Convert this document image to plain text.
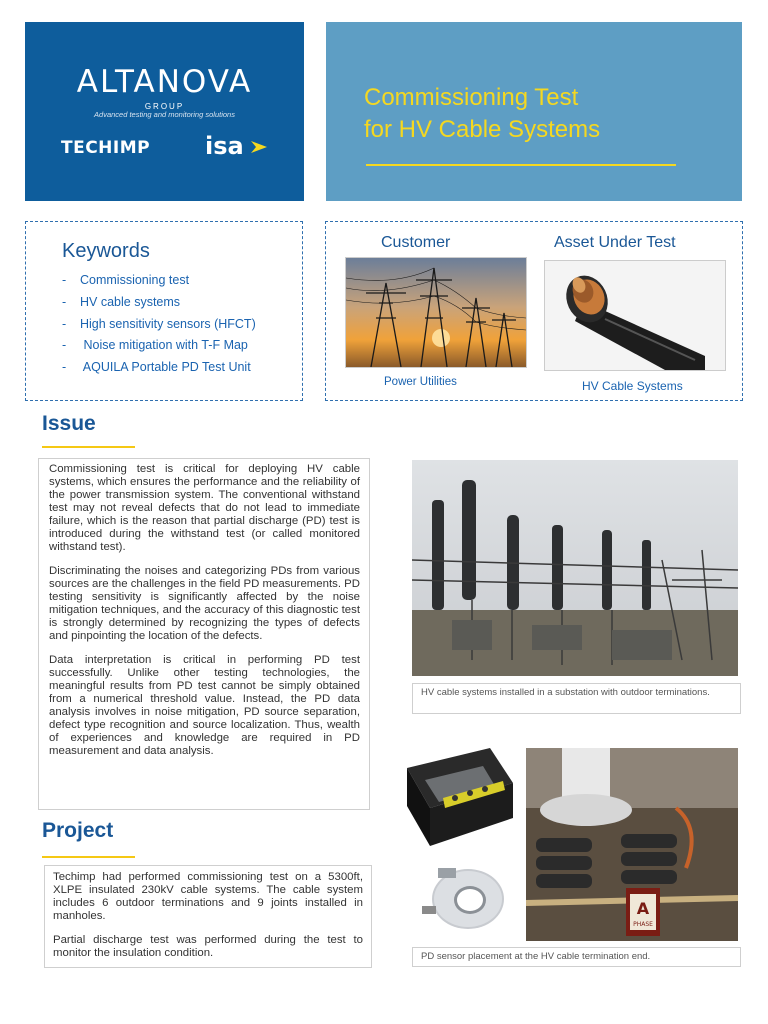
ALTANOVA
GROUP
Advanced testing and monitoring solutions
TECHIMP isa
Commissioning Test
for HV Cable Systems
Keywords
- Commissioning test
- HV cable systems
- High sensitivity sensors (HFCT)
- Noise mitigation with T-F Map
- AQUILA Portable PD Test Unit
Customer	Asset Under Test
Power Utilities	HV Cable Systems
Issue

Commissioning test is critical for deploying HV cable systems, which ensures the performance and the reliability of the power transmission system. The conventional withstand test may not reveal defects that do not lead to immediate failure, which is the reason that partial discharge (PD) test is introduced during the withstand test (or called monitored withstand test).

Discriminating the noises and categorizing PDs from various sources are the challenges in the field PD measurements. PD testing sensitivity is significantly affected by the noise mitigation techniques, and the accuracy of this diagnostic test is strongly determined by recognizing the types of defects and pinpointing the location of the defects.

Data interpretation is critical in performing PD test successfully. Unlike other testing technologies, the meaningful results from PD test cannot be simply obtained from a numerical threshold value. Instead, the PD data analysis involves in noise mitigation, PD source separation, defect type recognition and source localization. Thus, wealth of experiences and knowledge are required in PD measurement and data analysis.

Project

Techimp had performed commissioning test on a 5300ft, XLPE insulated 230kV cable systems. The cable system includes 6 outdoor terminations and 9 joints installed in manholes.

Partial discharge test was performed during the test to monitor the insulation condition.

HV cable systems installed in a substation with outdoor terminations.
A
PHASE
PD sensor placement at the HV cable termination end.
